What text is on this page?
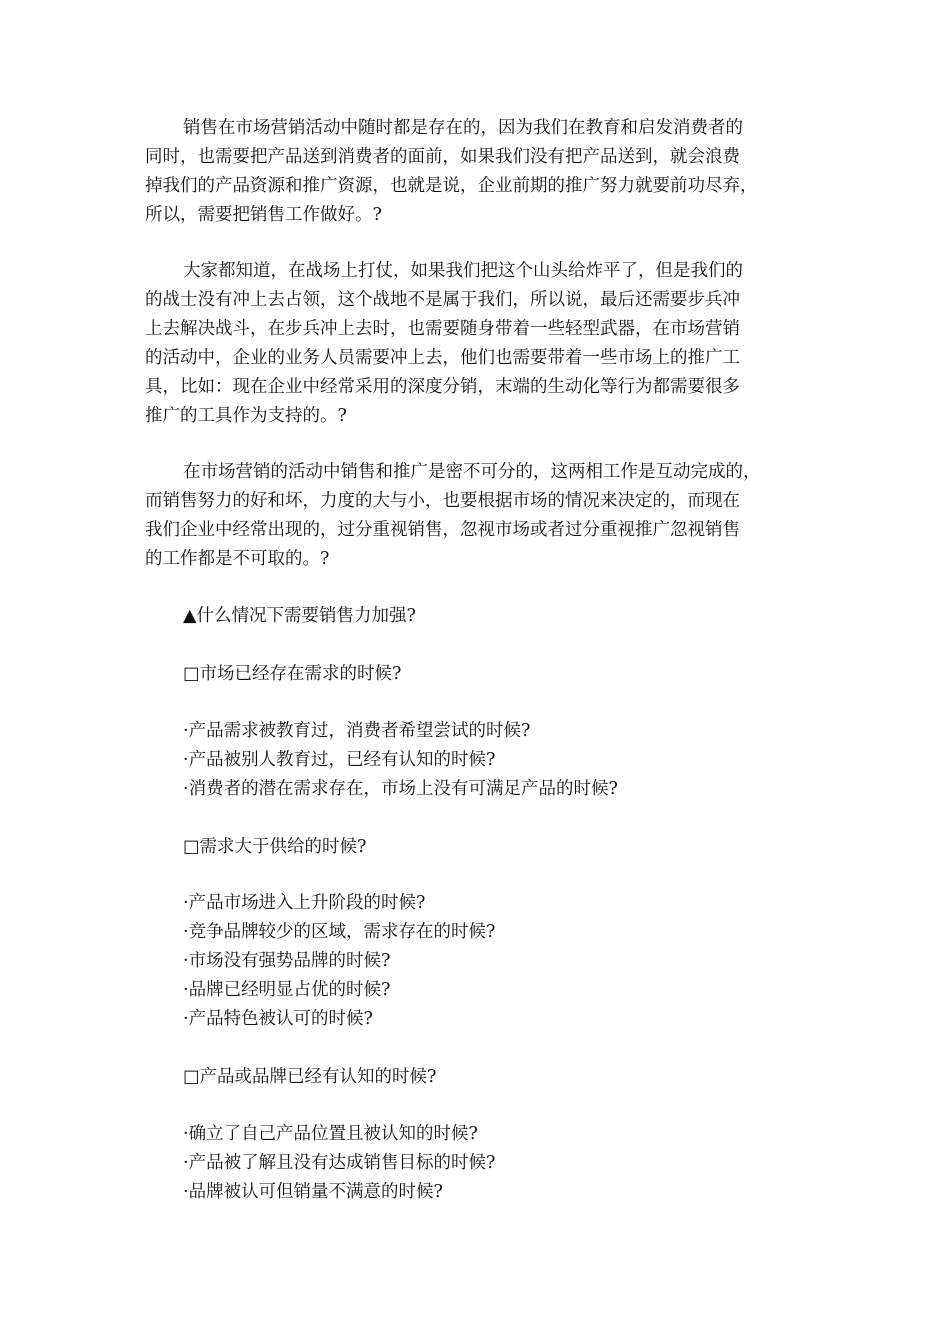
销售在市场营销活动中随时都是存在的，因为我们在教育和启发消费者的
同时，也需要把产品送到消费者的面前，如果我们没有把产品送到，就会浪费
掉我们的产品资源和推广资源，也就是说，企业前期的推广努力就要前功尽弃，
所以，需要把销售工作做好。?
大家都知道，在战场上打仗，如果我们把这个山头给炸平了，但是我们的
的战士没有冲上去占领，这个战地不是属于我们，所以说，最后还需要步兵冲
上去解决战斗，在步兵冲上去时，也需要随身带着一些轻型武器，在市场营销
的活动中，企业的业务人员需要冲上去，他们也需要带着一些市场上的推广工
具，比如：现在企业中经常采用的深度分销，末端的生动化等行为都需要很多
推广的工具作为支持的。?
在市场营销的活动中销售和推广是密不可分的，这两相工作是互动完成的，
而销售努力的好和坏，力度的大与小，也要根据市场的情况来决定的，而现在
我们企业中经常出现的，过分重视销售，忽视市场或者过分重视推广忽视销售
的工作都是不可取的。?
▲什么情况下需要销售力加强?
□市场已经存在需求的时候?
·产品需求被教育过，消费者希望尝试的时候?
·产品被别人教育过，已经有认知的时候?
·消费者的潜在需求存在，市场上没有可满足产品的时候?
□需求大于供给的时候?
·产品市场进入上升阶段的时候?
·竞争品牌较少的区域，需求存在的时候?
·市场没有强势品牌的时候?
·品牌已经明显占优的时候?
·产品特色被认可的时候?
□产品或品牌已经有认知的时候?
·确立了自己产品位置且被认知的时候?
·产品被了解且没有达成销售目标的时候?
·品牌被认可但销量不满意的时候?
